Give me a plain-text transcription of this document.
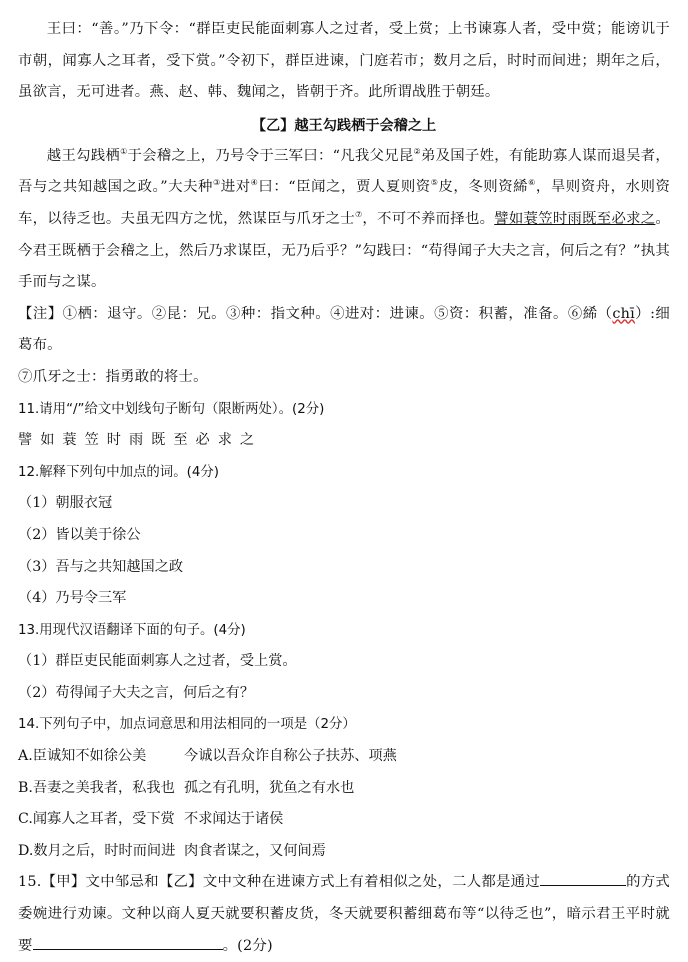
王曰：“善。”乃下令：“群臣吏民能面刺寡人之过者，受上赏；上书谏寡人者，受中赏；能谤讥于市朝，闻寡人之耳者，受下赏。”令初下，群臣进谏，门庭若市；数月之后，时时而间进；期年之后，虽欲言，无可进者。燕、赵、韩、魏闻之，皆朝于齐。此所谓战胜于朝廷。

【乙】越王勾践栖于会稽之上

越王勾践栖①于会稽之上，乃号令于三军曰：“凡我父兄昆②弟及国子姓，有能助寡人谋而退吴者，吾与之共知越国之政。”大夫种③进对④曰：“臣闻之，贾人夏则资⑤皮，冬则资絺⑥，旱则资舟，水则资车，以待乏也。夫虽无四方之忧，然谋臣与爪牙之士⑦，不可不养而择也。譬如蓑笠时雨既至必求之。今君王既栖于会稽之上，然后乃求谋臣，无乃后乎？”勾践曰：“苟得闻子大夫之言，何后之有？”执其手而与之谋。

【注】①栖：退守。②昆：兄。③种：指文种。④进对：进谏。⑤资：积蓄，准备。⑥絺（chī）:细葛布。

⑦爪牙之士：指勇敢的将士。

11.请用“/”给文中划线句子断句（限断两处）。(2分)

譬如蓑笠时雨既至必求之

12.解释下列句中加点的词。(4分)

（1）朝服衣冠

（2）皆以美于徐公

（3）吾与之共知越国之政

（4）乃号令三军

13.用现代汉语翻译下面的句子。(4分)

（1）群臣吏民能面刺寡人之过者，受上赏。

（2）苟得闻子大夫之言，何后之有？

14.下列句子中，加点词意思和用法相同的一项是（2分）

A.臣诚知不如徐公美	今诚以吾众诈自称公子扶苏、项燕

B.吾妻之美我者，私我也 孤之有孔明，犹鱼之有水也

C.闻寡人之耳者，受下赏 不求闻达于诸侯

D.数月之后，时时而间进 肉食者谋之，又何间焉

15.【甲】文中邹忌和【乙】文中文种在进谏方式上有着相似之处，二人都是通过	的方式委婉进行劝谏。文种以商人夏天就要积蓄皮货，冬天就要积蓄细葛布等“以待乏也”，暗示君王平时就要	。(2分)
